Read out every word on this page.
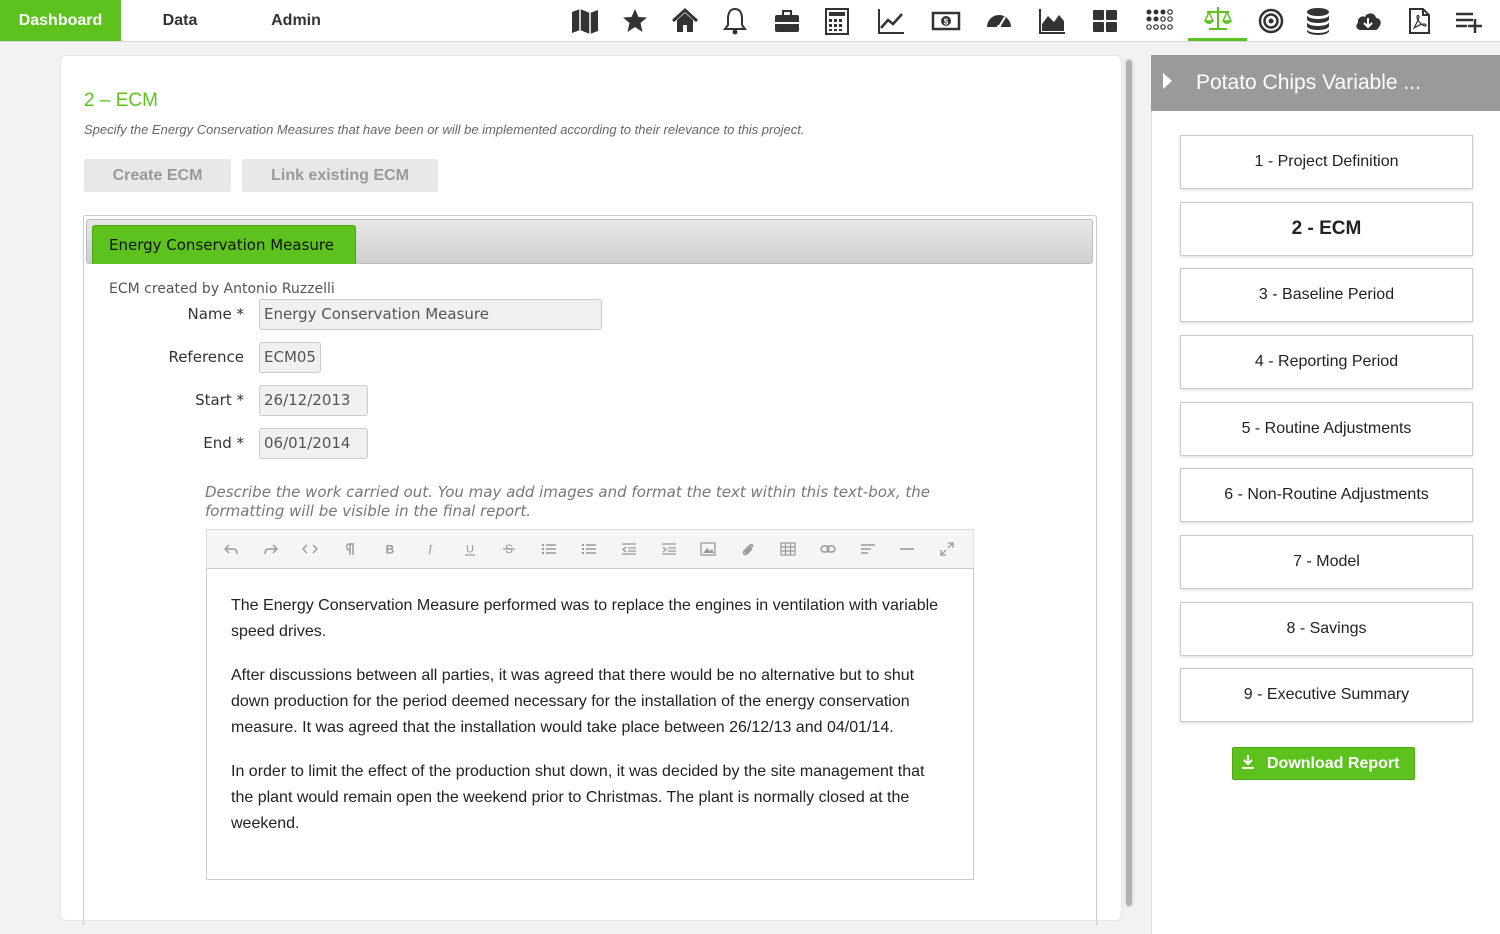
Dashboard	Data	Admin	$
2 – ECM
Specify the Energy Conservation Measures that have been or will be implemented according to their relevance to this project.
Create ECM	Link existing ECM
Energy Conservation Measure
ECM created by Antonio Ruzzelli
Name *	Energy Conservation Measure
Reference	ECM05
Start *	26/12/2013
End *	06/01/2014
Describe the work carried out. You may add images and format the text within this text-box, the formatting will be visible in the final report.
B	I	U	S

The Energy Conservation Measure performed was to replace the engines in ventilation with variable speed drives.

After discussions between all parties, it was agreed that there would be no alternative but to shut down production for the period deemed necessary for the installation of the energy conservation measure. It was agreed that the installation would take place between 26/12/13 and 04/01/14.

In order to limit the effect of the production shut down, it was decided by the site management that the plant would remain open the weekend prior to Christmas. The plant is normally closed at the weekend.

Potato Chips Variable ...
1 - Project Definition
2 - ECM
3 - Baseline Period
4 - Reporting Period
5 - Routine Adjustments
6 - Non-Routine Adjustments
7 - Model
8 - Savings
9 - Executive Summary
Download Report
